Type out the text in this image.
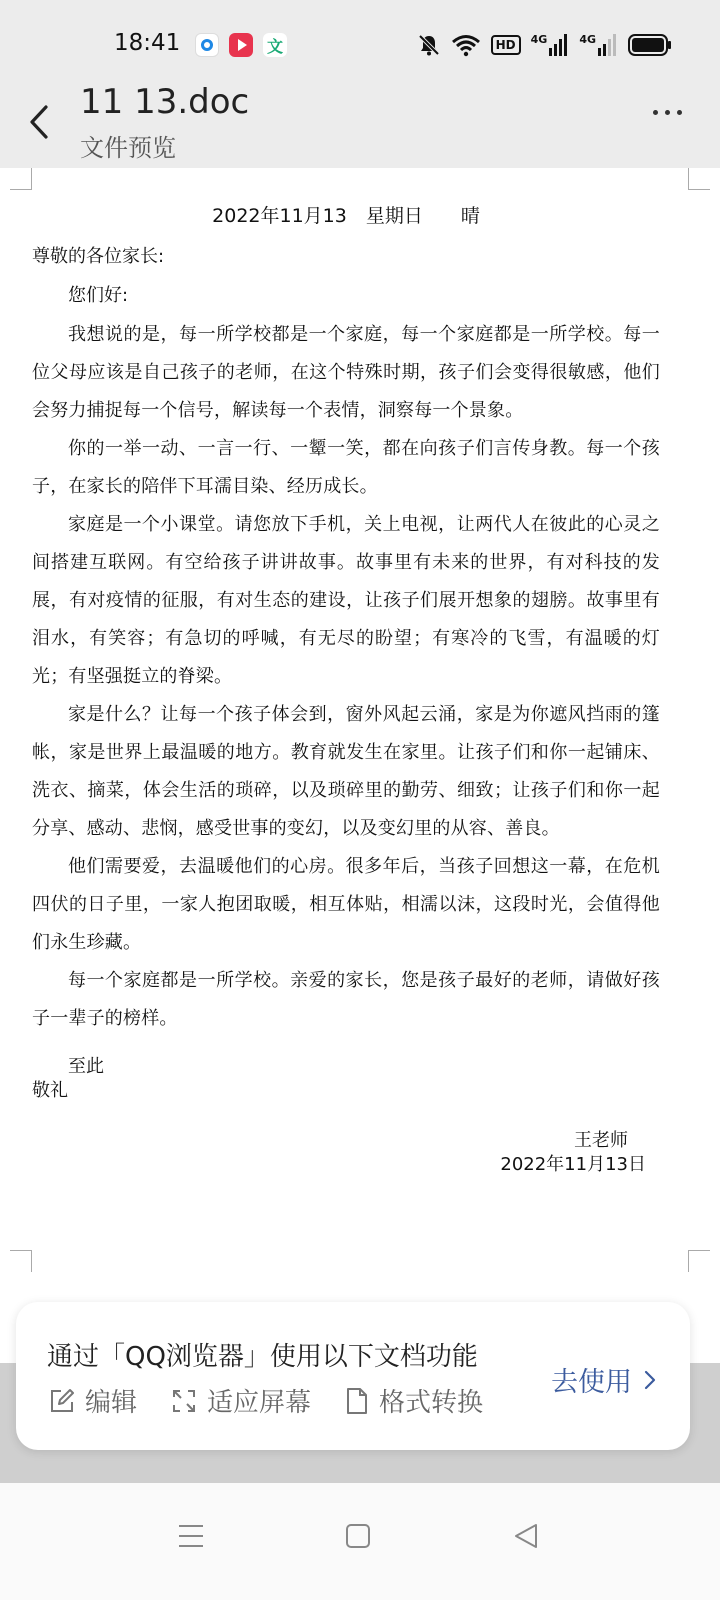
18:41	文	HD	4G	4G
11 13.doc
文件预览
2022年11月13　星期日　　晴
尊敬的各位家长:
您们好:

我想说的是，每一所学校都是一个家庭，每一个家庭都是一所学校。每一位父母应该是自己孩子的老师，在这个特殊时期，孩子们会变得很敏感，他们会努力捕捉每一个信号，解读每一个表情，洞察每一个景象。

你的一举一动、一言一行、一颦一笑，都在向孩子们言传身教。每一个孩子，在家长的陪伴下耳濡目染、经历成长。

家庭是一个小课堂。请您放下手机，关上电视，让两代人在彼此的心灵之间搭建互联网。有空给孩子讲讲故事。故事里有未来的世界，有对科技的发展，有对疫情的征服，有对生态的建设，让孩子们展开想象的翅膀。故事里有泪水，有笑容；有急切的呼喊，有无尽的盼望；有寒冷的飞雪，有温暖的灯光；有坚强挺立的脊梁。

家是什么？让每一个孩子体会到，窗外风起云涌，家是为你遮风挡雨的篷帐，家是世界上最温暖的地方。教育就发生在家里。让孩子们和你一起铺床、洗衣、摘菜，体会生活的琐碎，以及琐碎里的勤劳、细致；让孩子们和你一起分享、感动、悲悯，感受世事的变幻，以及变幻里的从容、善良。

他们需要爱，去温暖他们的心房。很多年后，当孩子回想这一幕，在危机四伏的日子里，一家人抱团取暖，相互体贴，相濡以沫，这段时光，会值得他们永生珍藏。

每一个家庭都是一所学校。亲爱的家长，您是孩子最好的老师，请做好孩子一辈子的榜样。

至此
敬礼
王老师
2022年11月13日
通过「QQ浏览器」使用以下文档功能
编辑	适应屏幕	格式转换
去使用
